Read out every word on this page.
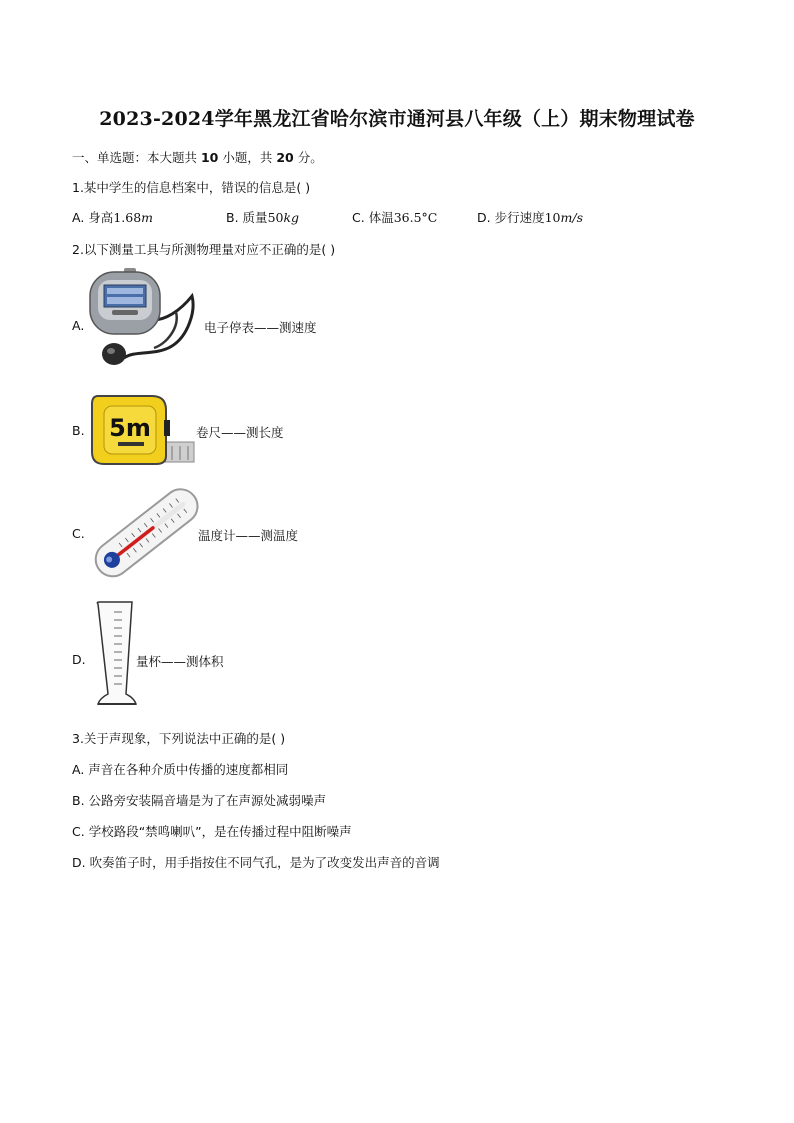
2023-2024学年黑龙江省哈尔滨市通河县八年级（上）期末物理试卷
一、单选题：本大题共 10 小题，共 20 分。
1.某中学生的信息档案中，错误的信息是( )
A. 身高1.68m	B. 质量50kg	C. 体温36.5°C	D. 步行速度10m/s
2.以下测量工具与所测物理量对应不正确的是( )
A.	电子停表——测速度
B. 5m	卷尺——测长度
C.	温度计——测温度
D.	量杯——测体积
3.关于声现象，下列说法中正确的是( )
A. 声音在各种介质中传播的速度都相同
B. 公路旁安装隔音墙是为了在声源处减弱噪声
C. 学校路段“禁鸣喇叭”，是在传播过程中阻断噪声
D. 吹奏笛子时，用手指按住不同气孔，是为了改变发出声音的音调
